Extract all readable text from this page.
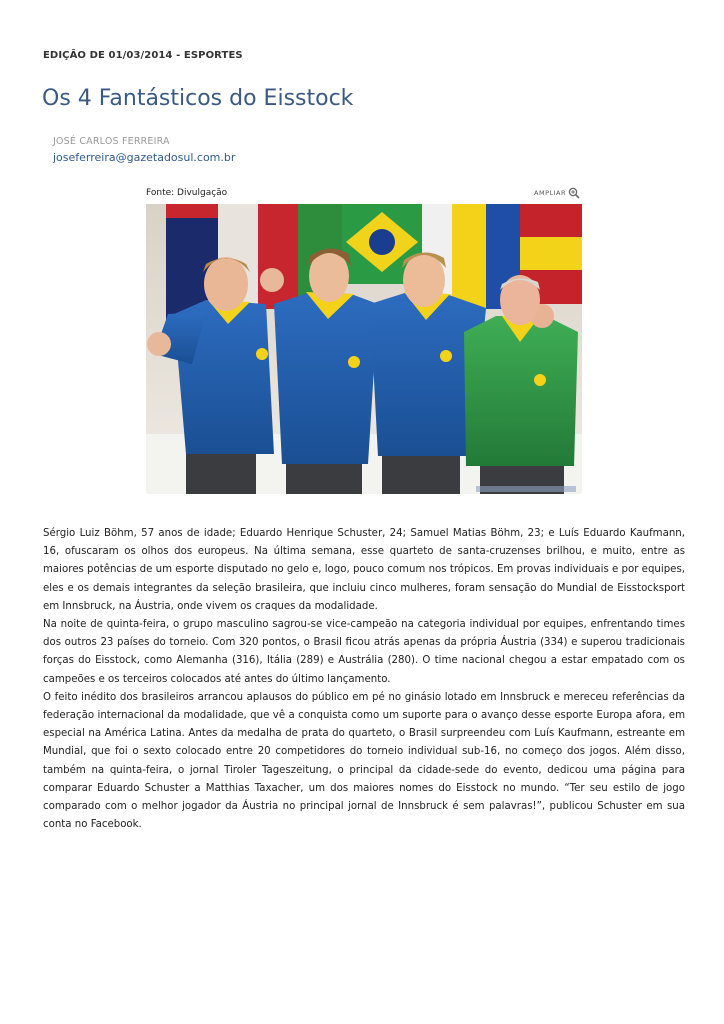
EDIÇÃO DE 01/03/2014 - ESPORTES
Os 4 Fantásticos do Eisstock
JOSÉ CARLOS FERREIRA
joseferreira@gazetadosul.com.br
Fonte: Divulgação	AMPLIAR

Sérgio Luiz Böhm, 57 anos de idade; Eduardo Henrique Schuster, 24; Samuel Matias Böhm, 23; e Luís Eduardo Kaufmann, 16, ofuscaram os olhos dos europeus. Na última semana, esse quarteto de santa-cruzenses brilhou, e muito, entre as maiores potências de um esporte disputado no gelo e, logo, pouco comum nos trópicos. Em provas individuais e por equipes, eles e os demais integrantes da seleção brasileira, que incluiu cinco mulheres, foram sensação do Mundial de Eisstocksport em Innsbruck, na Áustria, onde vivem os craques da modalidade.

Na noite de quinta-feira, o grupo masculino sagrou-se vice-campeão na categoria individual por equipes, enfrentando times dos outros 23 países do torneio. Com 320 pontos, o Brasil ficou atrás apenas da própria Áustria (334) e superou tradicionais forças do Eisstock, como Alemanha (316), Itália (289) e Austrália (280). O time nacional chegou a estar empatado com os campeões e os terceiros colocados até antes do último lançamento.

O feito inédito dos brasileiros arrancou aplausos do público em pé no ginásio lotado em Innsbruck e mereceu referências da federação internacional da modalidade, que vê a conquista como um suporte para o avanço desse esporte Europa afora, em especial na América Latina. Antes da medalha de prata do quarteto, o Brasil surpreendeu com Luís Kaufmann, estreante em Mundial, que foi o sexto colocado entre 20 competidores do torneio individual sub-16, no começo dos jogos. Além disso, também na quinta-feira, o jornal Tiroler Tageszeitung, o principal da cidade-sede do evento, dedicou uma página para comparar Eduardo Schuster a Matthias Taxacher, um dos maiores nomes do Eisstock no mundo. “Ter seu estilo de jogo comparado com o melhor jogador da Áustria no principal jornal de Innsbruck é sem palavras!”, publicou Schuster em sua conta no Facebook.
